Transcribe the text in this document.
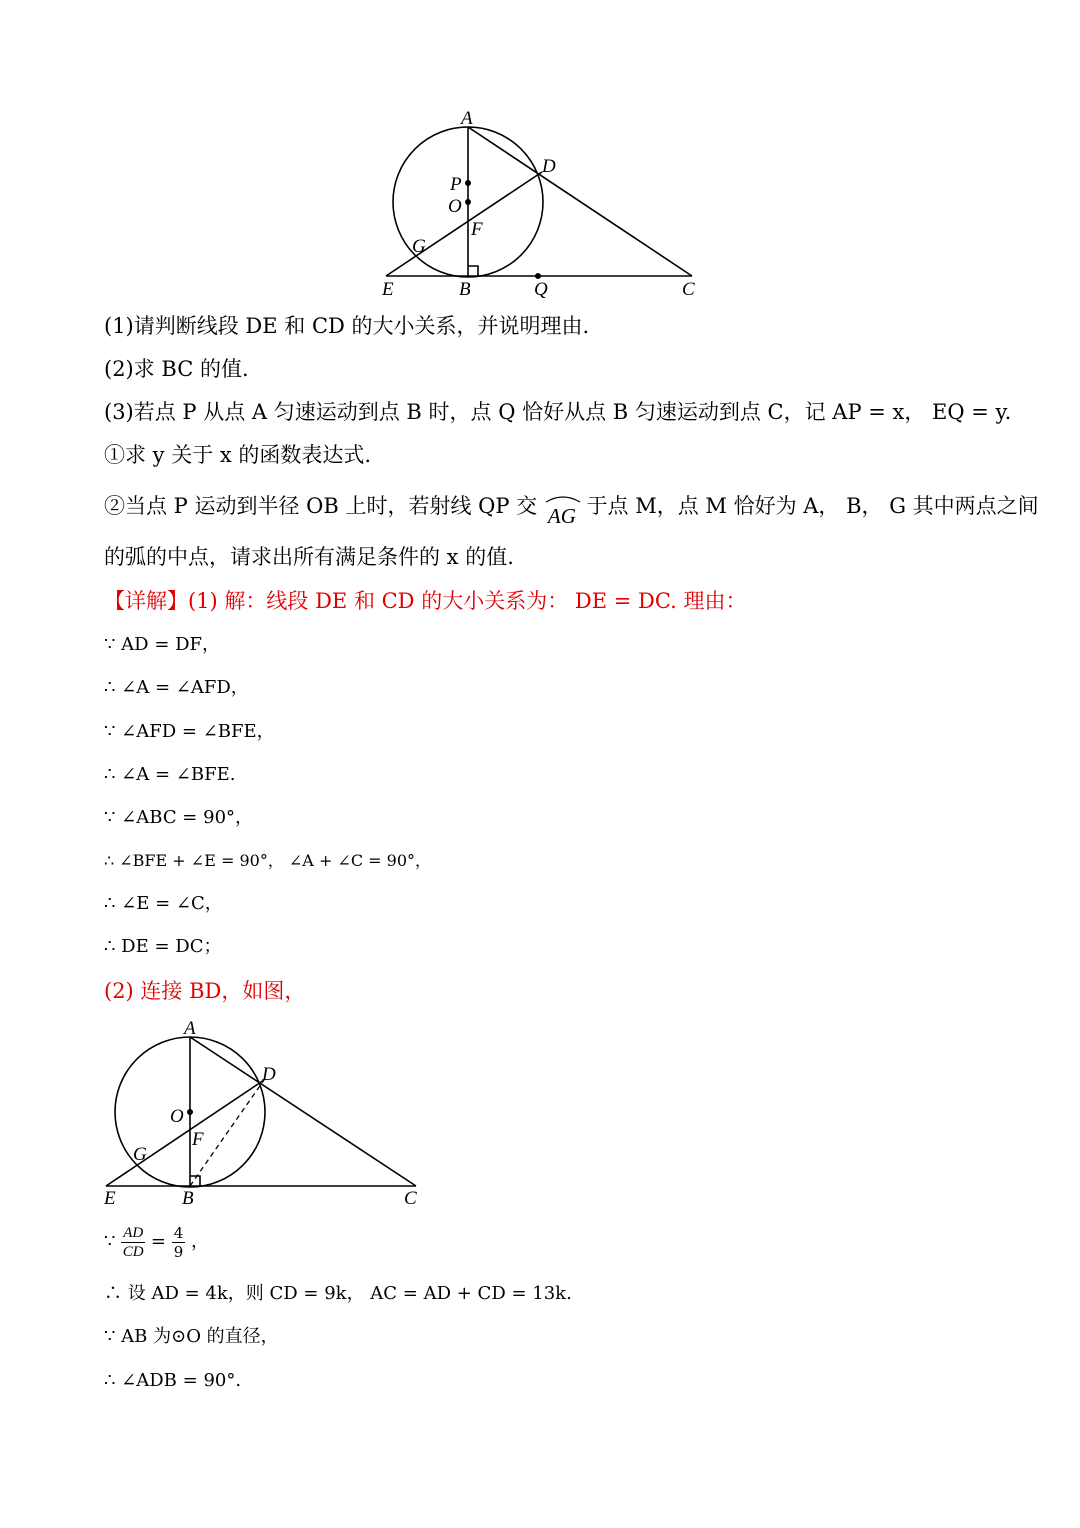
A
D
P
O
F
G
E	B	Q	C
(1)请判断线段 DE 和 CD 的大小关系，并说明理由.
(2)求 BC 的值.
(3)若点 P 从点 A 匀速运动到点 B 时，点 Q 恰好从点 B 匀速运动到点 C，记 AP = x， EQ = y.
①求 y 关于 x 的函数表达式.
②当点 P 运动到半径 OB 上时，若射线 QP 交 AG 于点 M，点 M 恰好为 A， B， G 其中两点之间
的弧的中点，请求出所有满足条件的 x 的值.
【详解】(1) 解：线段 DE 和 CD 的大小关系为： DE = DC. 理由：
∵ AD = DF，
∴ ∠A = ∠AFD，
∵ ∠AFD = ∠BFE，
∴ ∠A = ∠BFE.
∵ ∠ABC = 90°，
∴ ∠BFE + ∠E = 90°， ∠A + ∠C = 90°，
∴ ∠E = ∠C，
∴ DE = DC；
(2) 连接 BD，如图，
A
D
O
F
G
E	B	C
∵ $\frac{AD}{CD} = \frac{4}{9}$ ，
∴ 设 AD = 4k，则 CD = 9k， AC = AD + CD = 13k.
∵ AB 为⊙O 的直径，
∴ ∠ADB = 90°.
